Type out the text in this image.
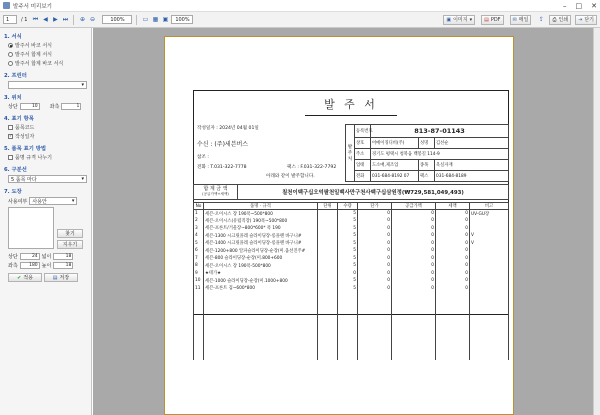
발주서 미리보기	– □ ✕
1	/ 1 ⏮ ◀ ▶ ⏭ ⊕ ⊖	100%	▭ ▦ ▣	100%	▣ 이미지 ▾ ▤ PDF ✉ 메일 ⇪ ⎙ 인쇄 ⇥ 닫기
1. 서식
발주서 바코 서식
발주서 합계 서식
발주서 합계 바코 서식
2. 프린터
▾
3. 위치
상단	10	좌측	1
4. 표기 항목
품목코드
✓ 작성일자
5. 품목 표기 방법
품명 규격 나누기
6. 구분선
5 품목 마다	▾
7. 도장
사용여부 사용안	▾
찾기
지우기
상단	24 넓이	18
좌측	180 높이	18
✔ 적용	▤ 저장
발 주 서
작성일자 : 2024년 04월 01일
수신 : (주)세븐버스
참조 :
전화 : T.031-322-7778	팩스 : F.031-322-7792
아래와 같이 발주합니다.
발주처	등록번호	813-87-01143		
	상호	어메이징디비(주)	성명	김선순
	주소	경기도 평택시 청북읍 백봉길 114-9		
	업태	도소매,제조업	종목	욕실자재
	전화	031-684-8192 07	팩스	031-684-8189
합 계 금 액
(공급가액+세액)	칠천이백구십오억팔천일백사만구천사백구십삼원정(₩729,581,049,493)
No	품명 · 규격	단위	수량	단가	공급가액	세액	비고
1	세븐-오이시스 장 190폭~500*800		5	0	0	0	UV-GU장
2	세븐-오이시스(유럽직장) 190폭~500*800		5	0	0	0	
3	세븐-프론트/거울장~800*600* 폭 190		5	0	0	0	
4	세븐-1300 시크릿플레 슬라이딩장-롱플랜 바구니#		5	0	0	0	V
5	세븐-1400 시크릿플레 슬라이딩장-롱플랜 바구니#		5	0	0	0	V
6	세븐-1200+800 알파슬라이딩장-순장(미.옵션진주#		5	0	0	0	
7	세븐-800 슬라이딩장-순장(미.800+600		5	0	0	0	
8	세븐-오이시스 장 190폭-500*800		5	0	0	0	
9	★테가★		0	0	0	0	
10	세븐-1000 슬라이딩장-순장(미.1000+800		5	0	0	0	
11	세븐-프론트 겸~600*800		5	0	0	0	
